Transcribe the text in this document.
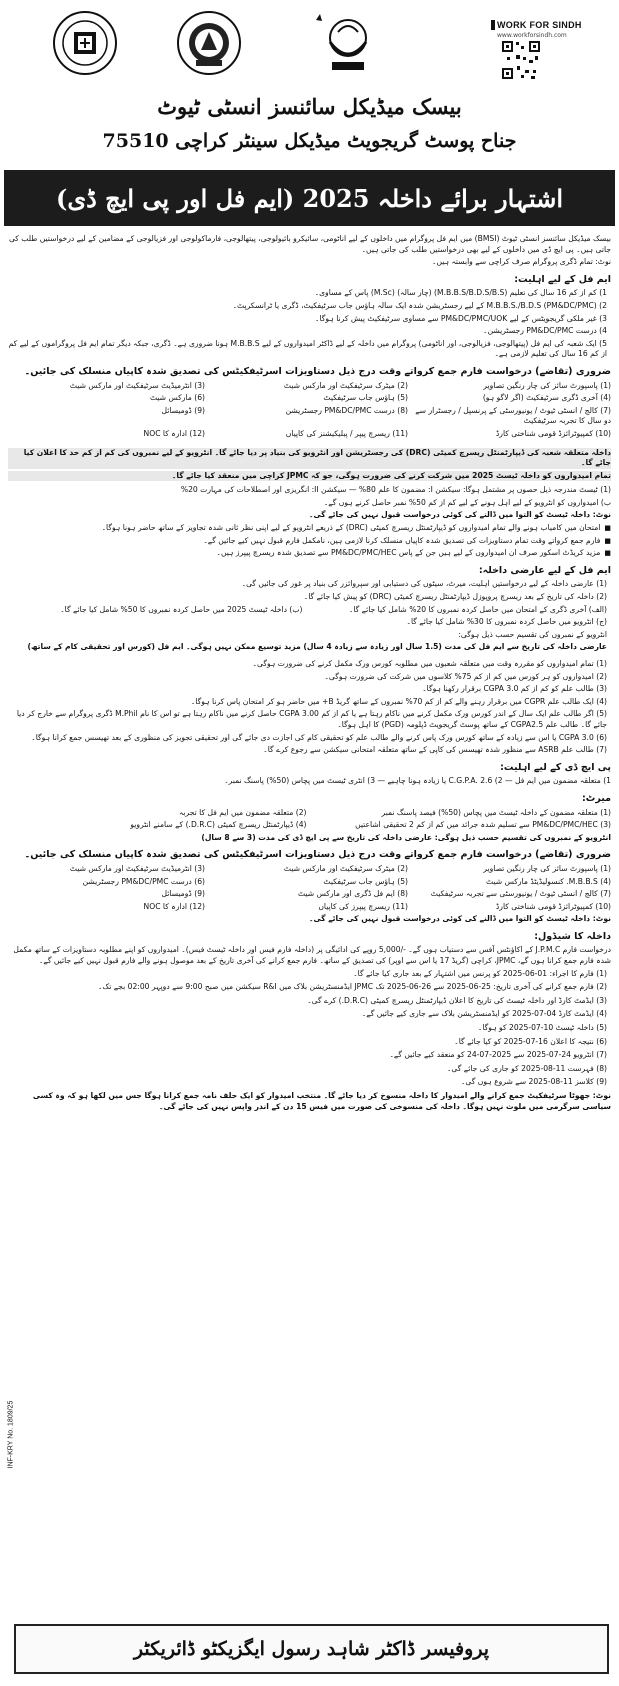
WORK FOR SINDH
www.workforsindh.com
بیسک میڈیکل سائنسز انسٹی ٹیوٹ
جناح پوسٹ گریجویٹ میڈیکل سینٹر کراچی 75510
اشتہار برائے داخلہ 2025 (ایم فل اور پی ایچ ڈی)

بیسک میڈیکل سائنسز انسٹی ٹیوٹ (BMSI) میں ایم فل پروگرام میں داخلوں کے لیے اناٹومی، سائیکرو بائیولوجی، پیتھالوجی، فارماکولوجی اور فزیالوجی کے مضامین کے لیے درخواستیں طلب کی جاتی ہیں۔ پی ایچ ڈی میں داخلوں کے لیے بھی درخواستیں طلب کی جاتی ہیں۔

نوٹ: تمام ڈگری پروگرام صرف کراچی سے وابستہ ہیں۔

ایم فل کے لیے اہلیت:

1) کم از کم 16 سال کی تعلیم (M.B.B.S/B.D.S/B.S) (چار سالہ) (M.Sc) پاس کے مساوی۔

2) M.B.B.S./B.D.S (PM&DC/PMC) کے لیے رجسٹریشن شدہ ایک سالہ ہاؤس جاب سرٹیفکیٹ، ڈگری یا ٹرانسکرپٹ۔

3) غیر ملکی گریجویٹس کے لیے PM&DC/PMC/UOK سے مساوی سرٹیفکیٹ پیش کرنا ہوگا۔

4) درست PM&DC/PMC رجسٹریشن۔

5) ایک شعبہ کی ایم فل (پیتھالوجی، فزیالوجی، اور اناٹومی) پروگرام میں داخلہ کے لیے ڈاکٹر امیدواروں کے لیے M.B.B.S ہونا ضروری ہے۔ ڈگری، جبکہ دیگر تمام ایم فل پروگراموں کے لیے کم از کم 16 سال کی تعلیم لازمی ہے۔

ضروری (تقاضے) درخواست فارم جمع کرواتے وقت درج ذیل دستاویزات اسرٹیفکیٹس کی تصدیق شدہ کاپیاں منسلک کی جائیں۔

(1) پاسپورٹ سائز کی چار رنگین تصاویر

(2) میٹرک سرٹیفکیٹ اور مارکس شیٹ

(3) انٹرمیڈیٹ سرٹیفکیٹ اور مارکس شیٹ

(4) آخری ڈگری سرٹیفکیٹ (اگر لاگو ہو)

(5) ہاؤس جاب سرٹیفکیٹ

(6) مارکس شیٹ

(7) کالج / انسٹی ٹیوٹ / یونیورسٹی کے پرنسپل / رجسٹرار سے دو سال کا تجربہ سرٹیفکیٹ

(8) درست PM&DC/PMC رجسٹریشن

(9) ڈومیسائل

(10) کمپیوٹرائزڈ قومی شناختی کارڈ

(11) ریسرچ پیپر / پبلیکیشنز کی کاپیاں

(12) ادارہ کا NOC

داخلہ متعلقہ شعبہ کی ڈیپارٹمنٹل ریسرچ کمیٹی (DRC) کی رجسٹریشن اور انٹرویو کی بنیاد پر دیا جائے گا۔ انٹرویو کے لیے نمبروں کی کم از کم حد کا اعلان کیا جائے گا۔

تمام امیدواروں کو داخلہ ٹیسٹ 2025 میں شرکت کرنے کی ضرورت ہوگی، جو کہ JPMC کراچی میں منعقد کیا جائے گا۔

(1) ٹیسٹ مندرجہ ذیل حصوں پر مشتمل ہوگا: سیکشن I: مضمون کا علم 80% — سیکشن II: انگریزی اور اصطلاحات کی مہارت 20%

ب) امیدواروں کو انٹرویو کے لیے اہل ہونے کے لیے کم از کم 50% نمبر حاصل کرنے ہوں گے۔

نوٹ: داخلہ ٹیسٹ کو التوا میں ڈالنے کی کوئی درخواست قبول نہیں کی جائے گی۔

■ امتحان میں کامیاب ہونے والے تمام امیدواروں کو ڈیپارٹمنٹل ریسرچ کمیٹی (DRC) کے ذریعے انٹرویو کے لیے اپنی نظر ثانی شدہ تجاویز کے ساتھ حاضر ہونا ہوگا۔

■ فارم جمع کرواتے وقت تمام دستاویزات کی تصدیق شدہ کاپیاں منسلک کرنا لازمی ہیں، نامکمل فارم قبول نہیں کیے جائیں گے۔

■ مزید کریڈٹ اسکور صرف ان امیدواروں کے لیے ہیں جن کے پاس PM&DC/PMC/HEC سے تصدیق شدہ ریسرچ پیپرز ہیں۔

ایم فل کے لیے عارضی داخلہ:

(1) عارضی داخلہ کے لیے درخواستیں اہلیت، میرٹ، سیٹوں کی دستیابی اور سپروائزر کی بنیاد پر غور کی جائیں گی۔

(2) داخلہ کی تاریخ کے بعد ریسرچ پروپوزل ڈیپارٹمنٹل ریسرچ کمیٹی (DRC) کو پیش کیا جائے گا۔

(الف) آخری ڈگری کے امتحان میں حاصل کردہ نمبروں کا 20% شامل کیا جائے گا۔

(ب) داخلہ ٹیسٹ 2025 میں حاصل کردہ نمبروں کا 50% شامل کیا جائے گا۔

(ج) انٹرویو میں حاصل کردہ نمبروں کا 30% شامل کیا جائے گا۔

انٹرویو کے نمبروں کی تقسیم حسب ذیل ہوگی:

عارضی داخلہ کی تاریخ سے ایم فل کی مدت (1.5 سال اور زیادہ سے زیادہ 4 سال) مزید توسیع ممکن نہیں ہوگی۔ ایم فل (کورس اور تحقیقی کام کے ساتھ)

(1) تمام امیدواروں کو مقررہ وقت میں متعلقہ شعبوں میں مطلوبہ کورس ورک مکمل کرنے کی ضرورت ہوگی۔

(2) امیدواروں کو ہر کورس میں کم از کم 75% کلاسوں میں شرکت کی ضرورت ہوگی۔

(3) طالب علم کو کم از کم CGPA 3.0 برقرار رکھنا ہوگا۔

(4) ایک طالب علم CGPR میں برقرار رہنے والے کم از کم 70% نمبروں کے ساتھ گریڈ B+ میں حاضر ہو کر امتحان پاس کرنا ہوگا۔

(5) اگر طالب علم ایک سال کے اندر کورس ورک مکمل کرنے میں ناکام رہتا ہے یا کم از کم 3.00 CGPA حاصل کرنے میں ناکام رہتا ہے تو اس کا نام M.Phil ڈگری پروگرام سے خارج کر دیا جائے گا۔ طالب علم CGPA2.5 کے ساتھ پوسٹ گریجویٹ ڈپلومہ (PGD) کا اہل ہوگا۔

(6) CGPA 3.0 یا اس سے زیادہ کے ساتھ کورس ورک پاس کرنے والے طالب علم کو تحقیقی کام کی اجازت دی جائے گی اور تحقیقی تجویز کی منظوری کے بعد تھیسس جمع کرانا ہوگا۔

(7) طالب علم ASRB سے منظور شدہ تھیسس کی کاپی کے ساتھ متعلقہ امتحانی سیکشن سے رجوع کرے گا۔

پی ایچ ڈی کے لیے اہلیت:

1) متعلقہ مضمون میں ایم فل — 2) C.G.P.A. 2.6 یا زیادہ ہونا چاہیے — 3) انٹری ٹیسٹ میں پچاس (50%) پاسنگ نمبر۔

میرٹ:

(1) متعلقہ مضمون کے داخلہ ٹیسٹ میں پچاس (50%) فیصد پاسنگ نمبر

(2) متعلقہ مضمون میں ایم فل کا تجربہ

(3) PM&DC/PMC/HEC سے تسلیم شدہ جرائد میں کم از کم 2 تحقیقی اشاعتیں

(4) ڈیپارٹمنٹل ریسرچ کمیٹی (D.R.C.) کے سامنے انٹرویو

انٹرویو کے نمبروں کی تقسیم حسب ذیل ہوگی: عارضی داخلہ کی تاریخ سے پی ایچ ڈی کی مدت (3 سے 8 سال)

ضروری (تقاضے) درخواست فارم جمع کرواتے وقت درج ذیل دستاویزات اسرٹیفکیٹس کی تصدیق شدہ کاپیاں منسلک کی جائیں۔

(1) پاسپورٹ سائز کی چار رنگین تصاویر

(2) میٹرک سرٹیفکیٹ اور مارکس شیٹ

(3) انٹرمیڈیٹ سرٹیفکیٹ اور مارکس شیٹ

(4) M.B.B.S. کنسولیڈیٹڈ مارکس شیٹ

(5) ہاؤس جاب سرٹیفکیٹ

(6) درست PM&DC/PMC رجسٹریشن

(7) کالج / انسٹی ٹیوٹ / یونیورسٹی سے تجربہ سرٹیفکیٹ

(8) ایم فل ڈگری اور مارکس شیٹ

(9) ڈومیسائل

(10) کمپیوٹرائزڈ قومی شناختی کارڈ

(11) ریسرچ پیپرز کی کاپیاں

(12) ادارہ کا NOC

نوٹ: داخلہ ٹیسٹ کو التوا میں ڈالنے کی کوئی درخواست قبول نہیں کی جائے گی۔

داخلہ کا شیڈول:

درخواست فارم J.P.M.C کے اکاؤنٹس آفس سے دستیاب ہوں گے۔ -/5,000 روپے کی ادائیگی پر (داخلہ فارم فیس اور داخلہ ٹیسٹ فیس)۔ امیدواروں کو اپنے مطلوبہ دستاویزات کے ساتھ مکمل شدہ فارم جمع کرانا ہوں گے، JPMC، کراچی (گریڈ 17 یا اس سے اوپر) کی تصدیق کے ساتھ۔ فارم جمع کرانے کی آخری تاریخ کے بعد موصول ہونے والے فارم قبول نہیں کیے جائیں گے۔

(1) فارم کا اجراء: 01-06-2025 کو پرنس میں اشتہار کے بعد جاری کیا جائے گا۔

(2) فارم جمع کرانے کی آخری تاریخ: 25-06-2025 سے 26-06-2025 تک JPMC ایڈمنسٹریشن بلاک میں R&I سیکشن میں صبح 9:00 سے دوپہر 02:00 بجے تک۔

(3) ایڈمٹ کارڈ اور داخلہ ٹیسٹ کی تاریخ کا اعلان ڈیپارٹمنٹل ریسرچ کمیٹی (D.R.C.) کرے گی۔

(4) ایڈمٹ کارڈ 04-07-2025 کو ایڈمنسٹریشن بلاک سے جاری کیے جائیں گے۔

(5) داخلہ ٹیسٹ 10-07-2025 کو ہوگا۔

(6) نتیجہ کا اعلان 16-07-2025 کو کیا جائے گا۔

(7) انٹرویو 24-07-2025 سے 2025-07-24 کو منعقد کیے جائیں گے۔

(8) فہرست 11-08-2025 کو جاری کی جائے گی۔

(9) کلاسز 11-08-2025 سے شروع ہوں گی۔

نوٹ: جھوٹا سرٹیفکیٹ جمع کرانے والے امیدوار کا داخلہ منسوخ کر دیا جائے گا۔ منتخب امیدوار کو ایک حلف نامہ جمع کرانا ہوگا جس میں لکھا ہو کہ وہ کسی سیاسی سرگرمی میں ملوث نہیں ہوگا۔ داخلہ کی منسوخی کی صورت میں فیس 15 دن کے اندر واپس نہیں کی جائے گی۔

INF-KRY No. 1809/25
پروفیسر ڈاکٹر شاہد رسول ایگزیکٹو ڈائریکٹر
